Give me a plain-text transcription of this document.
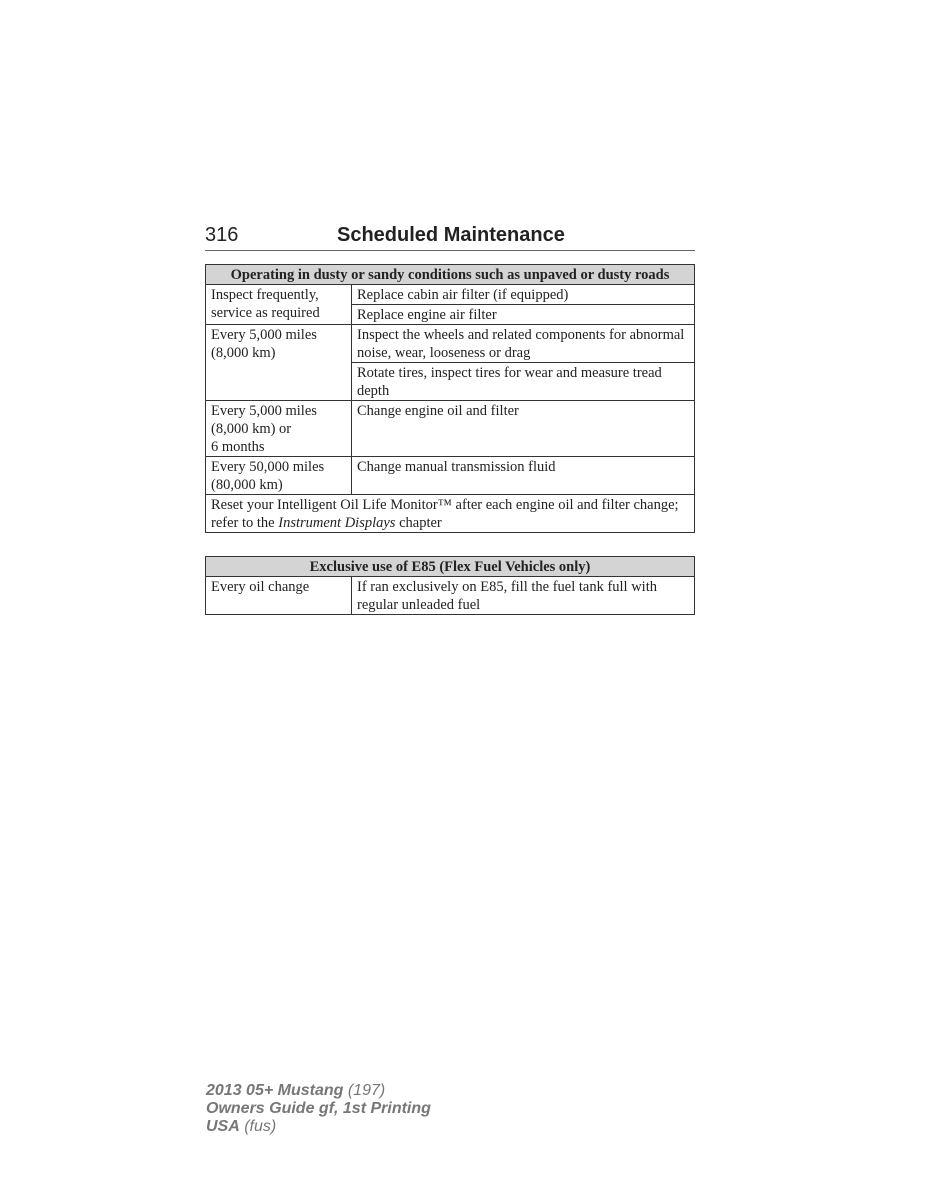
316	Scheduled Maintenance
Operating in dusty or sandy conditions such as unpaved or dusty roads	
Inspect frequently, service as required	Replace cabin air filter (if equipped)
	Replace engine air filter
Every 5,000 miles (8,000 km)	Inspect the wheels and related components for abnormal noise, wear, looseness or drag
	Rotate tires, inspect tires for wear and measure tread depth

Every 5,000 miles
(8,000 km) or
6 months	Change engine oil and filter
Every 50,000 miles (80,000 km)	Change manual transmission fluid
Reset your Intelligent Oil Life Monitor™ after each engine oil and filter change; refer to the Instrument Displays chapter	
Exclusive use of E85 (Flex Fuel Vehicles only)
Every oil change	If ran exclusively on E85, fill the fuel tank full with regular unleaded fuel
2013 05+ Mustang (197)
Owners Guide gf, 1st Printing
USA (fus)
